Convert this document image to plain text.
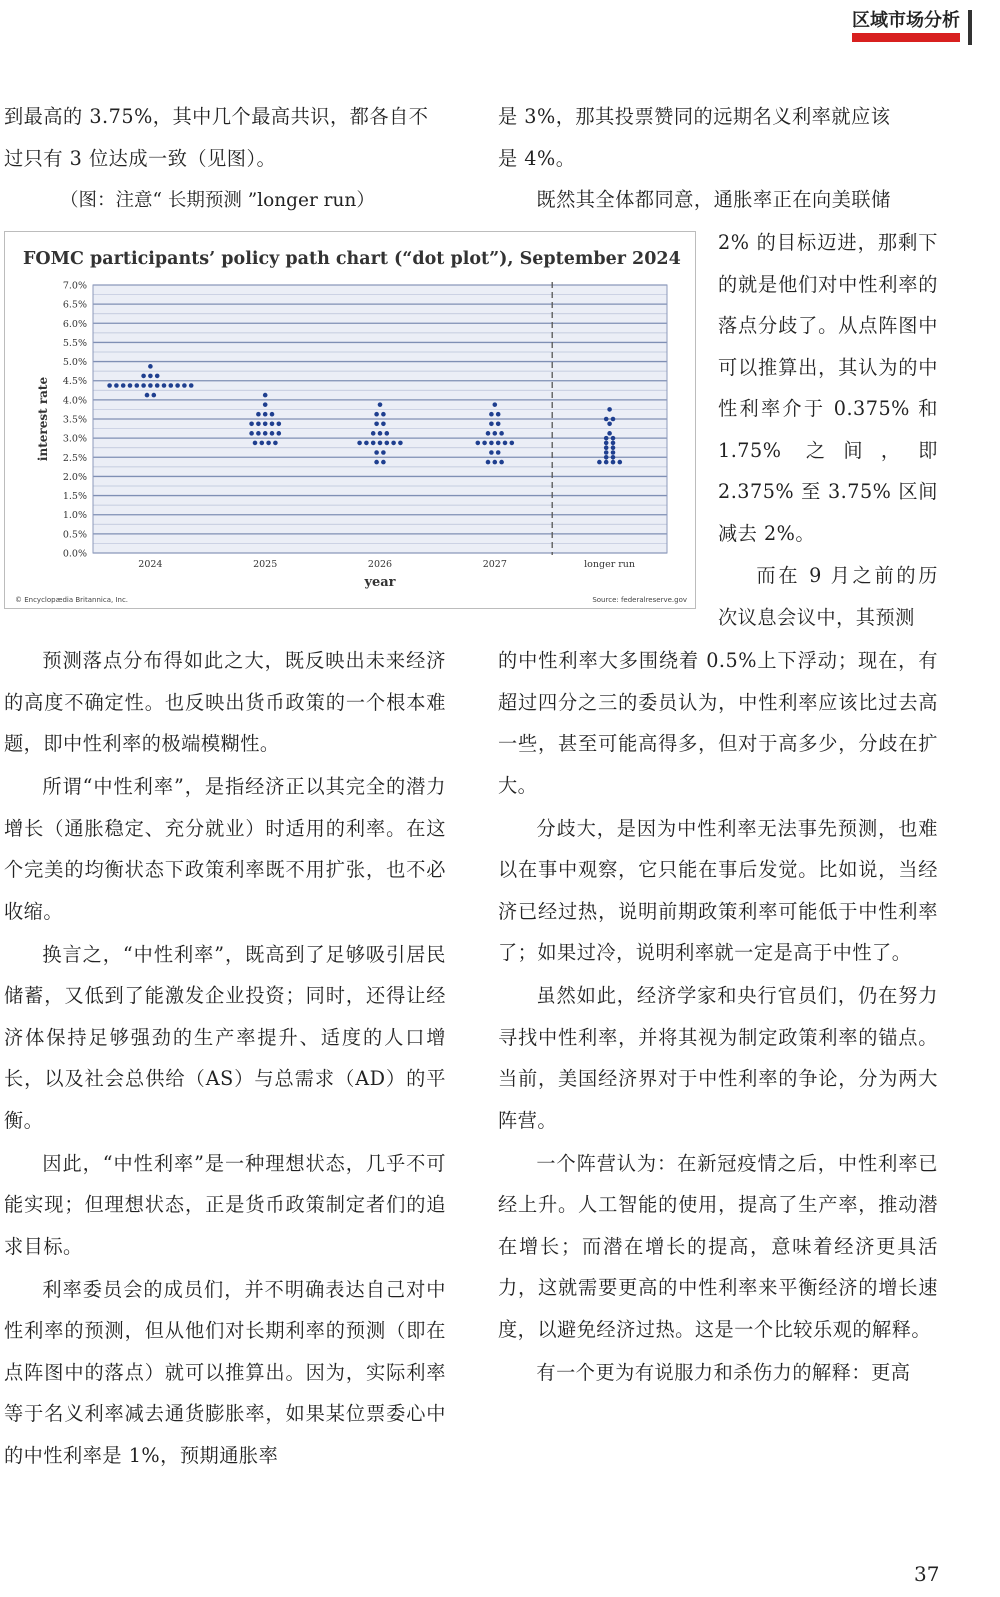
区域市场分析

到最高的 3.75%，其中几个最高共识，都各自不

过只有 3 位达成一致（见图）。

（图：注意“ 长期预测 ”longer run）
FOMC participants’ policy path chart (“dot plot”), September 2024
interest rate
year
© Encyclopædia Britannica, Inc.	Source: federalreserve.gov
0.0%
0.5%
1.0%
1.5%
2.0%
2.5%
3.0%
3.5%
4.0%
4.5%
5.0%
5.5%
6.0%
6.5%
7.0%
2024	2025	2026	2027	longer run

预测落点分布得如此之大，既反映出未来经济的高度不确定性。也反映出货币政策的一个根本难题，即中性利率的极端模糊性。

所谓“中性利率”，是指经济正以其完全的潜力增长（通胀稳定、充分就业）时适用的利率。在这个完美的均衡状态下政策利率既不用扩张，也不必收缩。

换言之，“中性利率”，既高到了足够吸引居民储蓄，又低到了能激发企业投资；同时，还得让经济体保持足够强劲的生产率提升、适度的人口增长，以及社会总供给（AS）与总需求（AD）的平衡。

因此，“中性利率”是一种理想状态，几乎不可能实现；但理想状态，正是货币政策制定者们的追求目标。

利率委员会的成员们，并不明确表达自己对中性利率的预测，但从他们对长期利率的预测（即在点阵图中的落点）就可以推算出。因为，实际利率等于名义利率减去通货膨胀率，如果某位票委心中的中性利率是 1%，预期通胀率

是 3%，那其投票赞同的远期名义利率就应该

是 4%。

既然其全体都同意，通胀率正在向美联储

2% 的目标迈进，那剩下的就是他们对中性利率的落点分歧了。从点阵图中可以推算出，其认为的中性利率介于 0.375% 和 1.75% 之间，即 2.375% 至 3.75% 区间减去 2%。

而在 9 月之前的历次议息会议中，其预测

的中性利率大多围绕着 0.5%上下浮动；现在，有超过四分之三的委员认为，中性利率应该比过去高一些，甚至可能高得多，但对于高多少，分歧在扩大。

分歧大，是因为中性利率无法事先预测，也难以在事中观察，它只能在事后发觉。比如说，当经济已经过热，说明前期政策利率可能低于中性利率了；如果过冷，说明利率就一定是高于中性了。

虽然如此，经济学家和央行官员们，仍在努力寻找中性利率，并将其视为制定政策利率的锚点。当前，美国经济界对于中性利率的争论，分为两大阵营。

一个阵营认为：在新冠疫情之后，中性利率已经上升。人工智能的使用，提高了生产率，推动潜在增长；而潜在增长的提高，意味着经济更具活力，这就需要更高的中性利率来平衡经济的增长速度，以避免经济过热。这是一个比较乐观的解释。

有一个更为有说服力和杀伤力的解释：更高

37
